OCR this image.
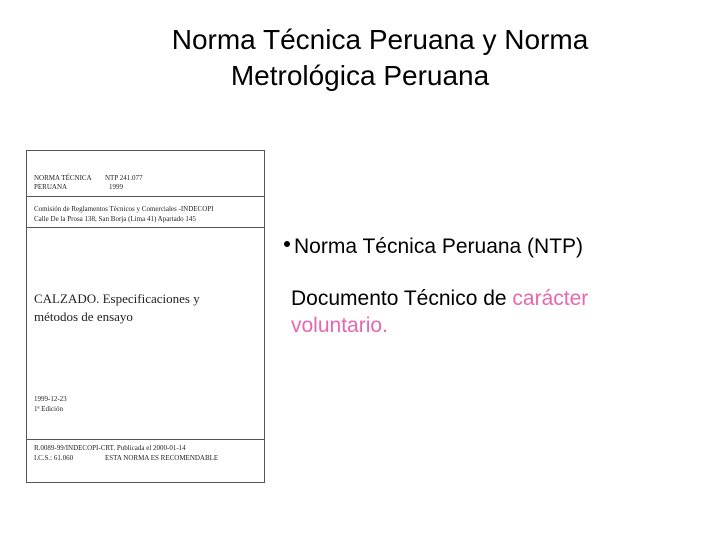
Norma Técnica Peruana y Norma
Metrológica Peruana
NORMA TÉCNICA
PERUANA
NTP 241.077
1999
Comisión de Reglamentos Técnicos y Comerciales -INDECOPI
Calle De la Prosa 138, San Borja (Lima 41) Apartado 145
CALZADO. Especificaciones y métodos de ensayo
1999-12-23
1ª Edición
R.0089-99/INDECOPI-CRT. Publicada el 2000-01-14
I.C.S.: 61.060	ESTA NORMA ES RECOMENDABLE
Norma Técnica Peruana (NTP)
Documento Técnico de carácter
voluntario.
